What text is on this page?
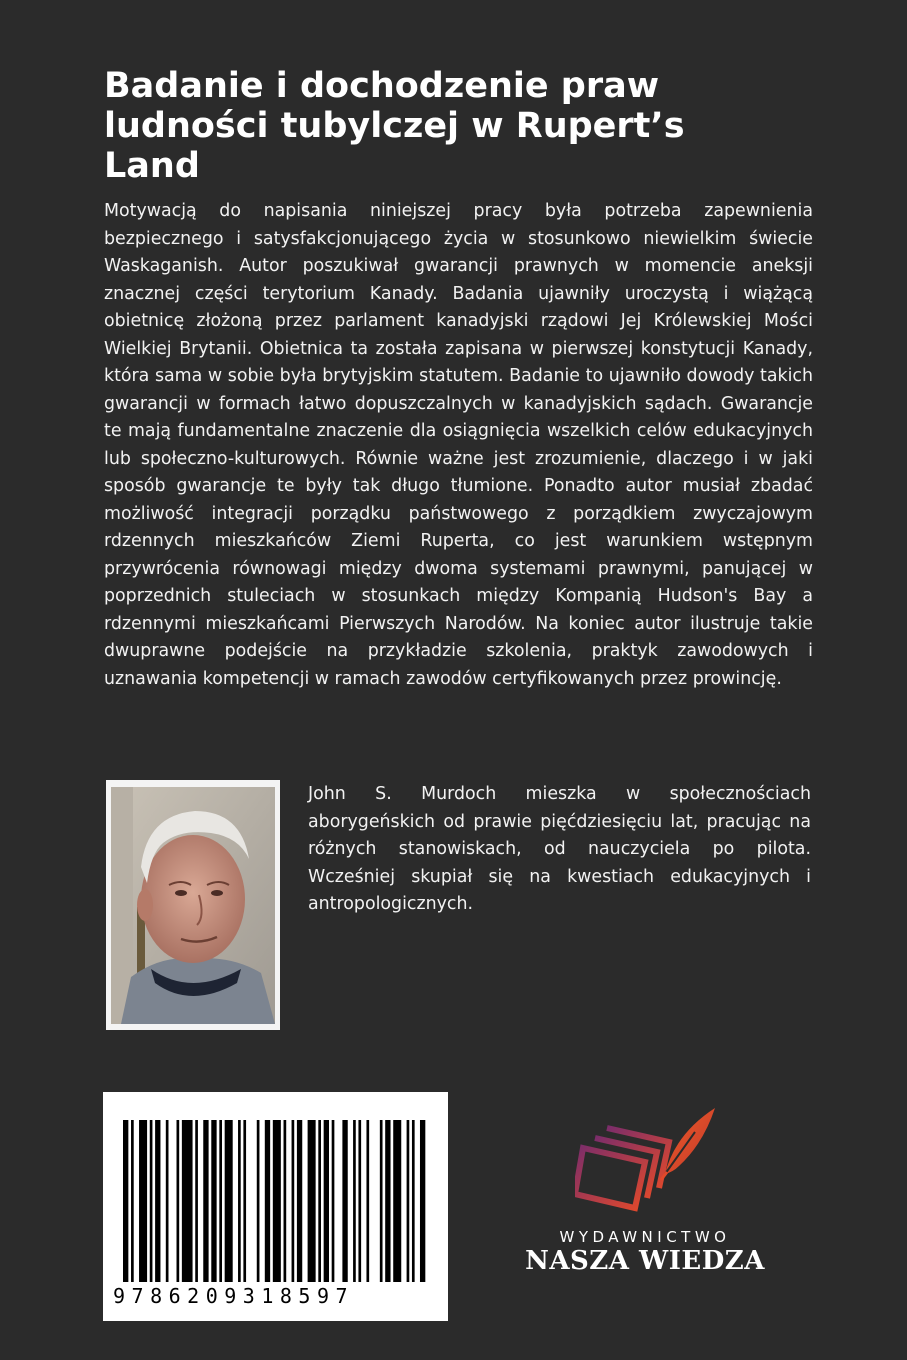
Badanie i dochodzenie praw ludności tubylczej w Rupert’s Land

Motywacją do napisania niniejszej pracy była potrzeba zapewnienia bezpiecznego i satysfakcjonującego życia w stosunkowo niewielkim świecie Waskaganish. Autor poszukiwał gwarancji prawnych w momencie aneksji znacznej części terytorium Kanady. Badania ujawniły uroczystą i wiążącą obietnicę złożoną przez parlament kanadyjski rządowi Jej Królewskiej Mości Wielkiej Brytanii. Obietnica ta została zapisana w pierwszej konstytucji Kanady, która sama w sobie była brytyjskim statutem. Badanie to ujawniło dowody takich gwarancji w formach łatwo dopuszczalnych w kanadyjskich sądach. Gwarancje te mają fundamentalne znaczenie dla osiągnięcia wszelkich celów edukacyjnych lub społeczno-kulturowych. Równie ważne jest zrozumienie, dlaczego i w jaki sposób gwarancje te były tak długo tłumione. Ponadto autor musiał zbadać możliwość integracji porządku państwowego z porządkiem zwyczajowym rdzennych mieszkańców Ziemi Ruperta, co jest warunkiem wstępnym przywrócenia równowagi między dwoma systemami prawnymi, panującej w poprzednich stuleciach w stosunkach między Kompanią Hudson's Bay a rdzennymi mieszkańcami Pierwszych Narodów. Na koniec autor ilustruje takie dwuprawne podejście na przykładzie szkolenia, praktyk zawodowych i uznawania kompetencji w ramach zawodów certyfikowanych przez prowincję.

John S. Murdoch mieszka w społecznościach aborygeńskich od prawie pięćdziesięciu lat, pracując na różnych stanowiskach, od nauczyciela po pilota. Wcześniej skupiał się na kwestiach edukacyjnych i antropologicznych.

9786209318597
WYDAWNICTWO
NASZA WIEDZA
